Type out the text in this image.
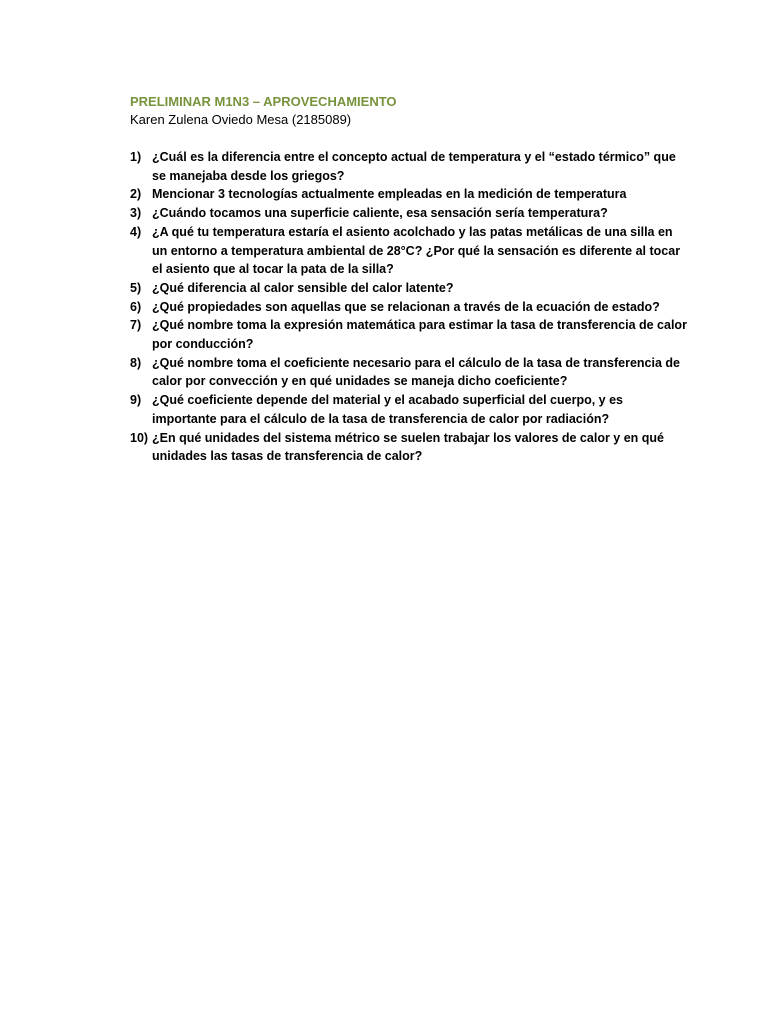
PRELIMINAR M1N3 – APROVECHAMIENTO

Karen Zulena Oviedo Mesa (2185089)

1) ¿Cuál es la diferencia entre el concepto actual de temperatura y el “estado térmico” que se manejaba desde los griegos?
2) Mencionar 3 tecnologías actualmente empleadas en la medición de temperatura
3) ¿Cuándo tocamos una superficie caliente, esa sensación sería temperatura?
4) ¿A qué tu temperatura estaría el asiento acolchado y las patas metálicas de una silla en un entorno a temperatura ambiental de 28°C? ¿Por qué la sensación es diferente al tocar el asiento que al tocar la pata de la silla?
5) ¿Qué diferencia al calor sensible del calor latente?
6) ¿Qué propiedades son aquellas que se relacionan a través de la ecuación de estado?
7) ¿Qué nombre toma la expresión matemática para estimar la tasa de transferencia de calor por conducción?
8) ¿Qué nombre toma el coeficiente necesario para el cálculo de la tasa de transferencia de calor por convección y en qué unidades se maneja dicho coeficiente?
9) ¿Qué coeficiente depende del material y el acabado superficial del cuerpo, y es importante para el cálculo de la tasa de transferencia de calor por radiación?
10) ¿En qué unidades del sistema métrico se suelen trabajar los valores de calor y en qué unidades las tasas de transferencia de calor?
